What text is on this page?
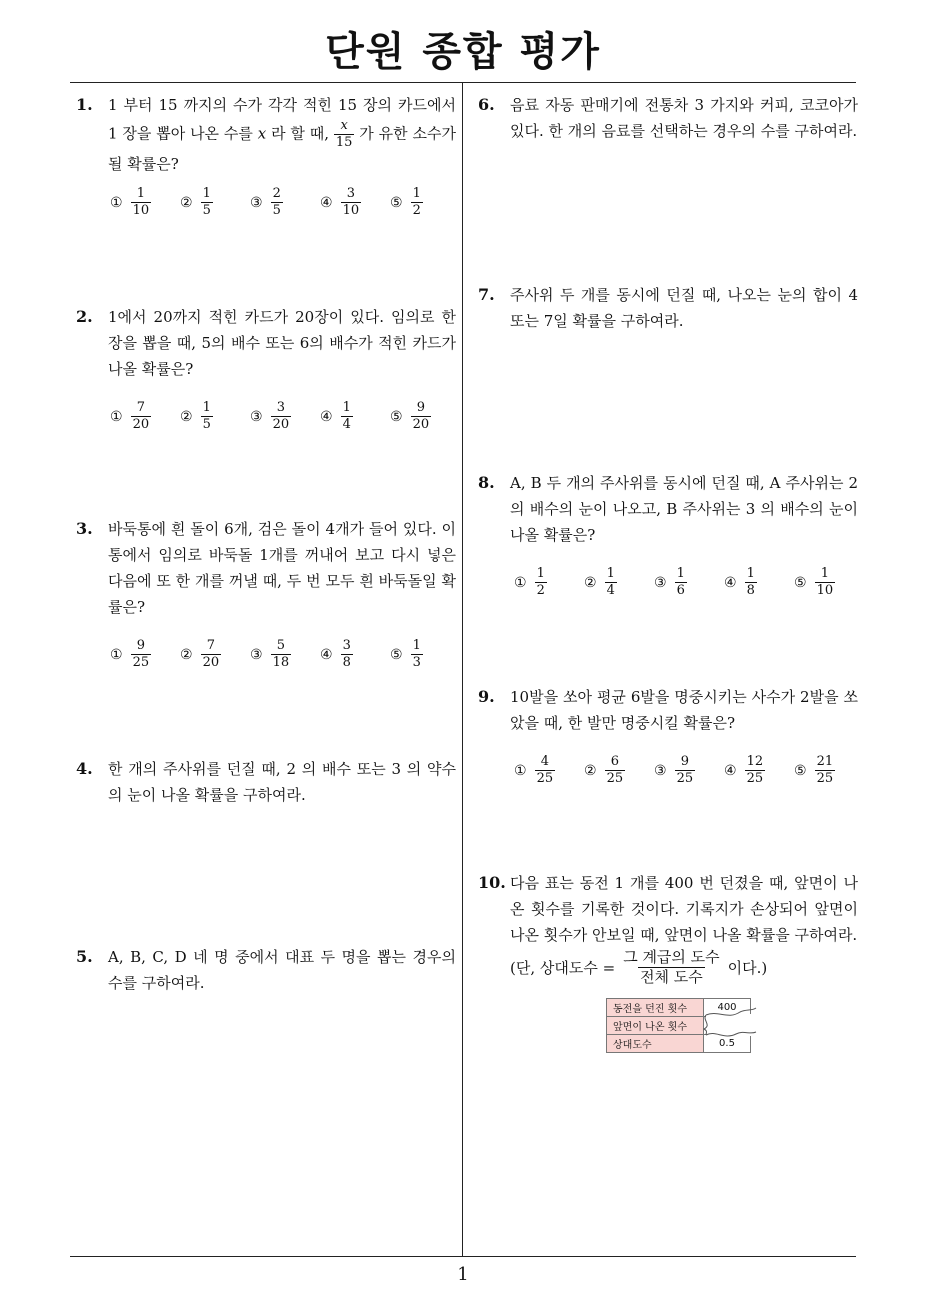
단원 종합 평가
1
1. 1 부터 15 까지의 수가 각각 적힌 15 장의 카드에서 1 장을 뽑아 나온 수를 x 라 할 때, $\frac{x}{15}$ 가 유한 소수가 될 확률은?
① $\frac{1}{10}$ ② $\frac{1}{5}$	③ $\frac{2}{5}$	④ $\frac{3}{10}$ ⑤ $\frac{1}{2}$
2. 1에서 20까지 적힌 카드가 20장이 있다. 임의로 한 장을 뽑을 때, 5의 배수 또는 6의 배수가 적힌 카드가 나올 확률은?
① $\frac{7}{20}$ ② $\frac{1}{5}$	③ $\frac{3}{20}$ ④ $\frac{1}{4}$	⑤ $\frac{9}{20}$
3. 바둑통에 흰 돌이 6개, 검은 돌이 4개가 들어 있다. 이 통에서 임의로 바둑돌 1개를 꺼내어 보고 다시 넣은 다음에 또 한 개를 꺼낼 때, 두 번 모두 흰 바둑돌일 확률은?
① $\frac{9}{25}$ ② $\frac{7}{20}$ ③ $\frac{5}{18}$ ④ $\frac{3}{8}$	⑤ $\frac{1}{3}$
4. 한 개의 주사위를 던질 때, 2 의 배수 또는 3 의 약수의 눈이 나올 확률을 구하여라.
5. A, B, C, D 네 명 중에서 대표 두 명을 뽑는 경우의 수를 구하여라.
6. 음료 자동 판매기에 전통차 3 가지와 커피, 코코아가 있다. 한 개의 음료를 선택하는 경우의 수를 구하여라.
7. 주사위 두 개를 동시에 던질 때, 나오는 눈의 합이 4 또는 7일 확률을 구하여라.
8. A, B 두 개의 주사위를 동시에 던질 때, A 주사위는 2 의 배수의 눈이 나오고, B 주사위는 3 의 배수의 눈이 나올 확률은?
① $\frac{1}{2}$	② $\frac{1}{4}$	③ $\frac{1}{6}$	④ $\frac{1}{8}$	⑤ $\frac{1}{10}$
9. 10발을 쏘아 평균 6발을 명중시키는 사수가 2발을 쏘았을 때, 한 발만 명중시킬 확률은?
① $\frac{4}{25}$ ② $\frac{6}{25}$ ③ $\frac{9}{25}$ ④ $\frac{12}{25}$ ⑤ $\frac{21}{25}$
10. 다음 표는 동전 1 개를 400 번 던졌을 때, 앞면이 나온 횟수를 기록한 것이다. 기록지가 손상되어 앞면이 나온 횟수가 안보일 때, 앞면이 나올 확률을 구하여라.
(단, 상대도수 = $\frac{\text{그 계급의 도수}}{\text{전체 도수}}$ 이다.)
동전을 던진 횟수	400
앞면이 나온 횟수	
상대도수	0.5
